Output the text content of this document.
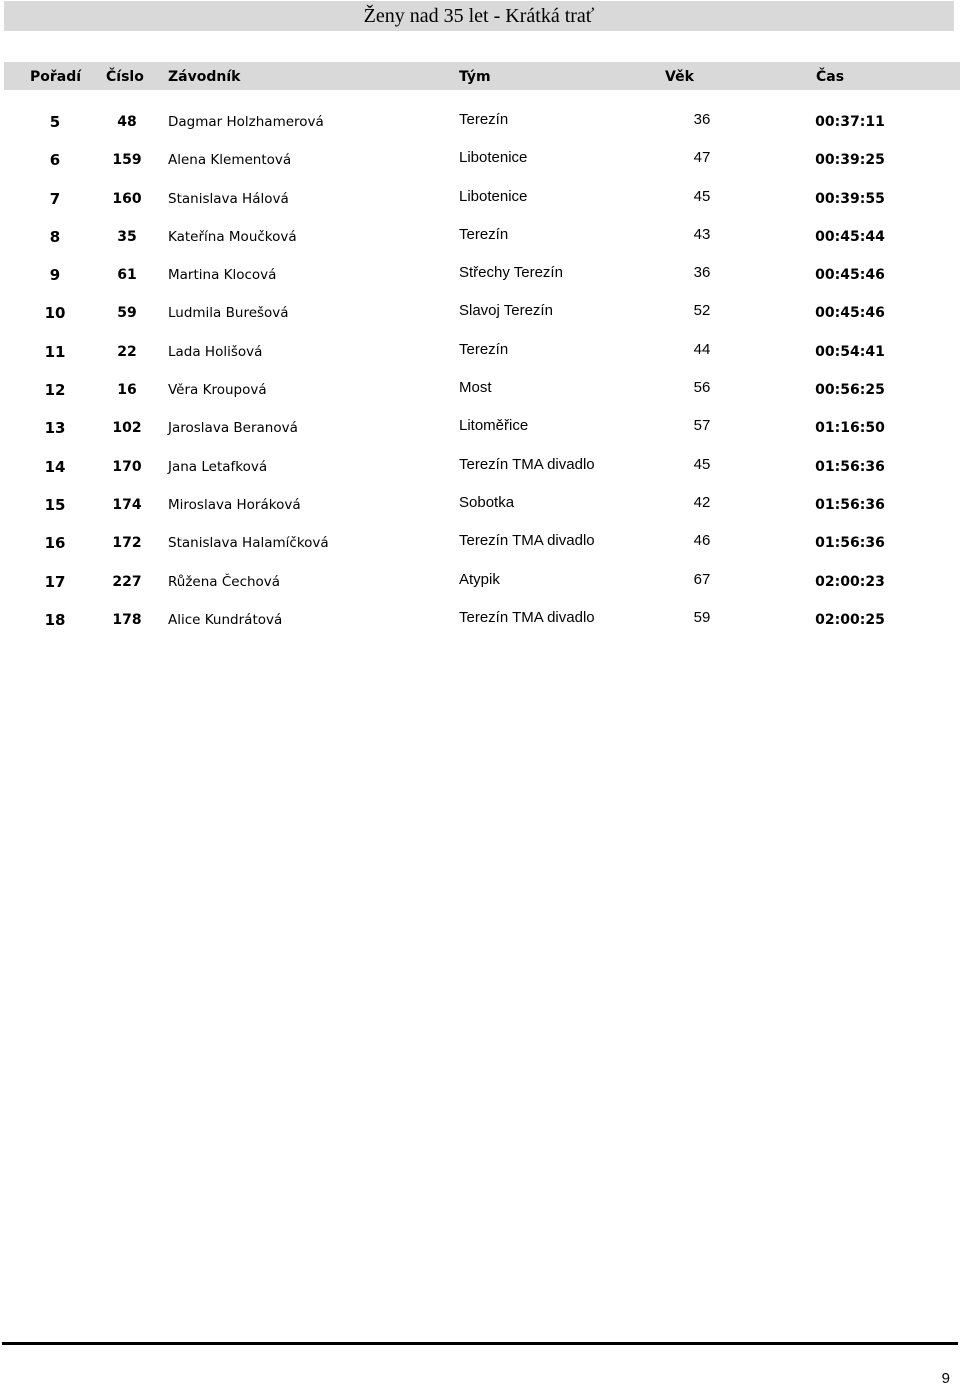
Ženy nad 35 let - Krátká trať
Pořadí Číslo Závodník	Tým	Věk	Čas
5	48	Dagmar Holzhamerová	Terezín	36	00:37:11
6	159	Alena Klementová	Libotenice	47	00:39:25
7	160	Stanislava Hálová	Libotenice	45	00:39:55
8	35	Kateřína Moučková	Terezín	43	00:45:44
9	61	Martina Klocová	Střechy Terezín	36	00:45:46
10	59	Ludmila Burešová	Slavoj Terezín	52	00:45:46
11	22	Lada Holišová	Terezín	44	00:54:41
12	16	Věra Kroupová	Most	56	00:56:25
13	102	Jaroslava Beranová	Litoměřice	57	01:16:50
14	170	Jana Letafková	Terezín TMA divadlo	45	01:56:36
15	174	Miroslava Horáková	Sobotka	42	01:56:36
16	172	Stanislava Halamíčková	Terezín TMA divadlo	46	01:56:36
17	227	Růžena Čechová	Atypik	67	02:00:23
18	178	Alice Kundrátová	Terezín TMA divadlo	59	02:00:25
9
